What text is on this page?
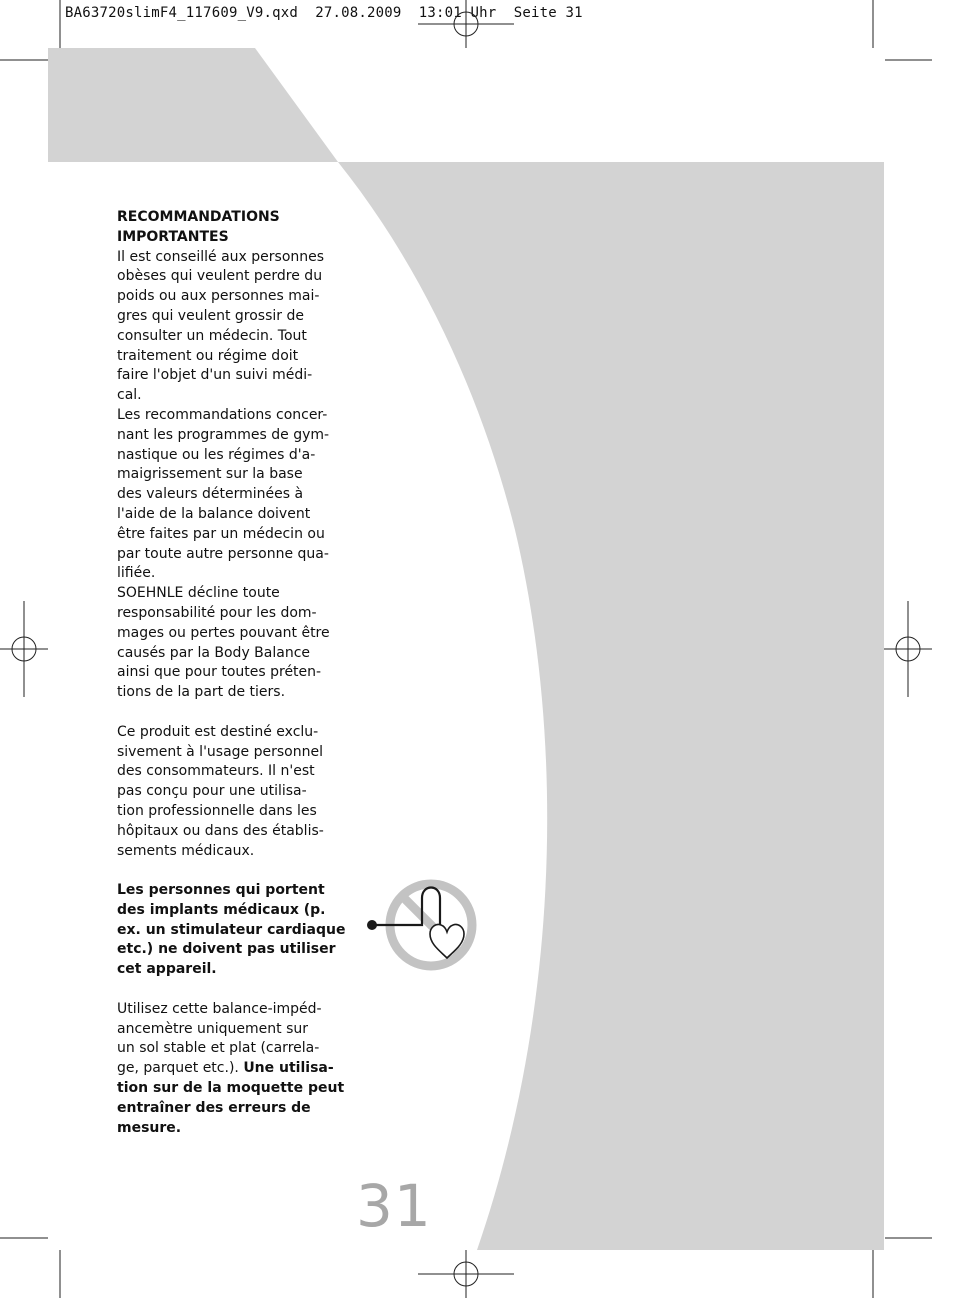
BA63720slimF4_117609_V9.qxd  27.08.2009  13:01 Uhr  Seite 31
RECOMMANDATIONS
IMPORTANTES
Il est conseillé aux personnes
obèses qui veulent perdre du
poids ou aux personnes mai-
gres qui veulent grossir de
consulter un médecin. Tout
traitement ou régime doit
faire l'objet d'un suivi médi-
cal.
Les recommandations concer-
nant les programmes de gym-
nastique ou les régimes d'a-
maigrissement sur la base
des valeurs déterminées à
l'aide de la balance doivent
être faites par un médecin ou
par toute autre personne qua-
lifiée.
SOEHNLE décline toute
responsabilité pour les dom-
mages ou pertes pouvant être
causés par la Body Balance
ainsi que pour toutes préten-
tions de la part de tiers.
Ce produit est destiné exclu-
sivement à l'usage personnel
des consommateurs. Il n'est
pas conçu pour une utilisa-
tion professionnelle dans les
hôpitaux ou dans des établis-
sements médicaux.
Les personnes qui portent
des implants médicaux (p.
ex. un stimulateur cardiaque
etc.) ne doivent pas utiliser
cet appareil.
Utilisez cette balance-impéd-
ancemètre uniquement sur
un sol stable et plat (carrela-
ge, parquet etc.). Une utilisa-
tion sur de la moquette peut
entraîner des erreurs de
mesure.
31
